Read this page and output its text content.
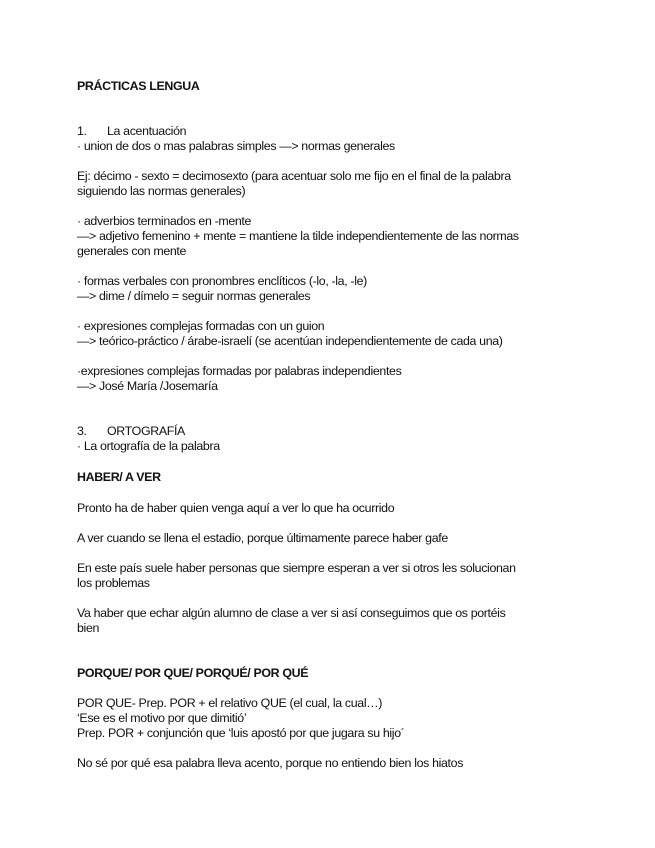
PRÁCTICAS LENGUA
1. La acentuación
· union de dos o mas palabras simples —> normas generales
Ej: décimo - sexto = decimosexto (para acentuar solo me fijo en el final de la palabra
siguiendo las normas generales)
· adverbios terminados en -mente
—> adjetivo femenino + mente = mantiene la tilde independientemente de las normas
generales con mente
· formas verbales con pronombres enclíticos (-lo, -la, -le)
—> dime / dímelo = seguir normas generales
· expresiones complejas formadas con un guion
—> teórico-práctico / árabe-israelí (se acentúan independientemente de cada una)
·expresiones complejas formadas por palabras independientes
—> José María /Josemaría
3. ORTOGRAFÍA
· La ortografía de la palabra
HABER/ A VER
Pronto ha de haber quien venga aquí a ver lo que ha ocurrido
A ver cuando se llena el estadio, porque últimamente parece haber gafe
En este país suele haber personas que siempre esperan a ver si otros les solucionan
los problemas
Va haber que echar algún alumno de clase a ver si así conseguimos que os portéis
bien
PORQUE/ POR QUE/ PORQUÉ/ POR QUÉ
POR QUE- Prep. POR + el relativo QUE (el cual, la cual…)
‘Ese es el motivo por que dimitió’
Prep. POR + conjunción que ‘luis apostó por que jugara su hijo´
No sé por qué esa palabra lleva acento, porque no entiendo bien los hiatos
